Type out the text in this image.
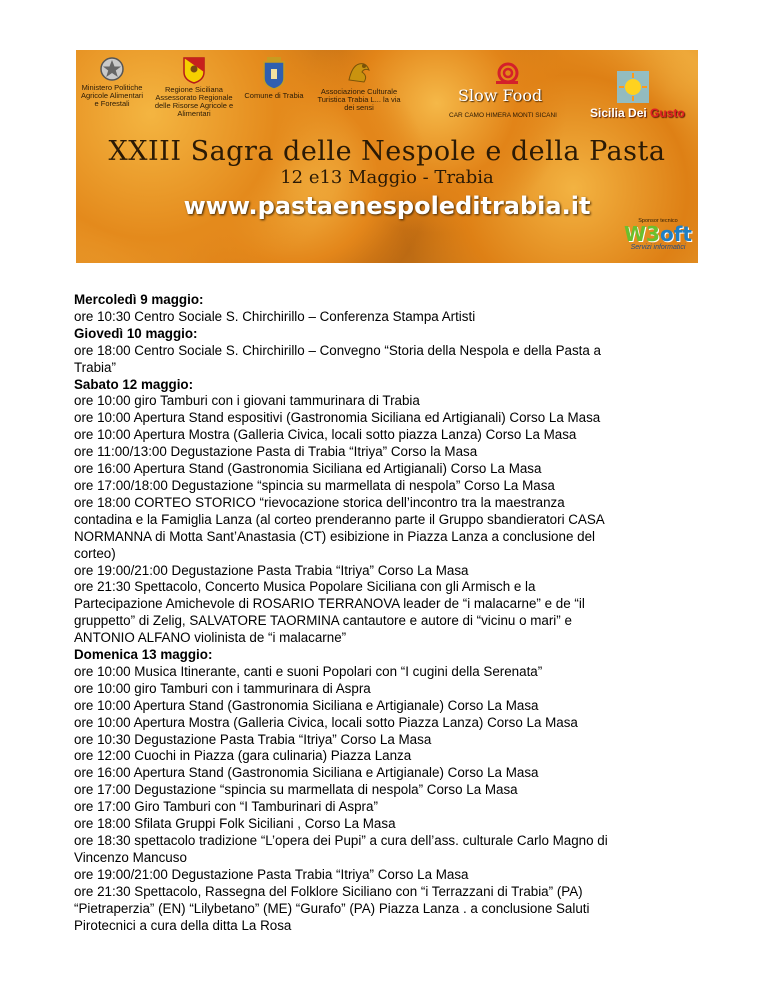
Ministero Politiche Agricole Alimentari e Forestali
Regione Siciliana Assessorato Regionale delle Risorse Agricole e Alimentari
Comune di Trabia	Associazione Culturale Turistica Trabia L... la via dei sensi
Slow Food
CAR CAMO HIMERA MONTI SICANI	Sicilia Dei Gusto
XXIII Sagra delle Nespole e della Pasta
12 e13 Maggio - Trabia
www.pastaenespoleditrabia.it
Sponsor tecnico
W3oft
Servizi informatici
Mercoledì 9 maggio:
ore 10:30 Centro Sociale S. Chirchirillo – Conferenza Stampa Artisti
Giovedì 10 maggio:
ore 18:00 Centro Sociale S. Chirchirillo – Convegno “Storia della Nespola e della Pasta a
Trabia”
Sabato 12 maggio:
ore 10:00 giro Tamburi con i giovani tammurinara di Trabia
ore 10:00 Apertura Stand espositivi (Gastronomia Siciliana ed Artigianali) Corso La Masa
ore 10:00 Apertura Mostra (Galleria Civica, locali sotto piazza Lanza) Corso La Masa
ore 11:00/13:00 Degustazione Pasta di Trabia “Itriya” Corso la Masa
ore 16:00 Apertura Stand (Gastronomia Siciliana ed Artigianali) Corso La Masa
ore 17:00/18:00 Degustazione “spincia su marmellata di nespola” Corso La Masa
ore 18:00 CORTEO STORICO “rievocazione storica dell’incontro tra la maestranza
contadina e la Famiglia Lanza (al corteo prenderanno parte il Gruppo sbandieratori CASA
NORMANNA di Motta Sant’Anastasia (CT) esibizione in Piazza Lanza a conclusione del
corteo)
ore 19:00/21:00 Degustazione Pasta Trabia “Itriya” Corso La Masa
ore 21:30 Spettacolo, Concerto Musica Popolare Siciliana con gli Armisch e la
Partecipazione Amichevole di ROSARIO TERRANOVA leader de “i malacarne” e de “il
gruppetto” di Zelig, SALVATORE TAORMINA cantautore e autore di “vicinu o mari” e
ANTONIO ALFANO violinista de “i malacarne”
Domenica 13 maggio:
ore 10:00 Musica Itinerante, canti e suoni Popolari con “I cugini della Serenata”
ore 10:00 giro Tamburi con i tammurinara di Aspra
ore 10:00 Apertura Stand (Gastronomia Siciliana e Artigianale) Corso La Masa
ore 10:00 Apertura Mostra (Galleria Civica, locali sotto Piazza Lanza) Corso La Masa
ore 10:30 Degustazione Pasta Trabia “Itriya” Corso La Masa
ore 12:00 Cuochi in Piazza (gara culinaria) Piazza Lanza
ore 16:00 Apertura Stand (Gastronomia Siciliana e Artigianale) Corso La Masa
ore 17:00 Degustazione “spincia su marmellata di nespola” Corso La Masa
ore 17:00 Giro Tamburi con “I Tamburinari di Aspra”
ore 18:00 Sfilata Gruppi Folk Siciliani , Corso La Masa
ore 18:30 spettacolo tradizione “L’opera dei Pupi” a cura dell’ass. culturale Carlo Magno di
Vincenzo Mancuso
ore 19:00/21:00 Degustazione Pasta Trabia “Itriya” Corso La Masa
ore 21:30 Spettacolo, Rassegna del Folklore Siciliano con “i Terrazzani di Trabia” (PA)
“Pietraperzia” (EN) “Lilybetano” (ME) “Gurafo” (PA) Piazza Lanza . a conclusione Saluti
Pirotecnici a cura della ditta La Rosa
